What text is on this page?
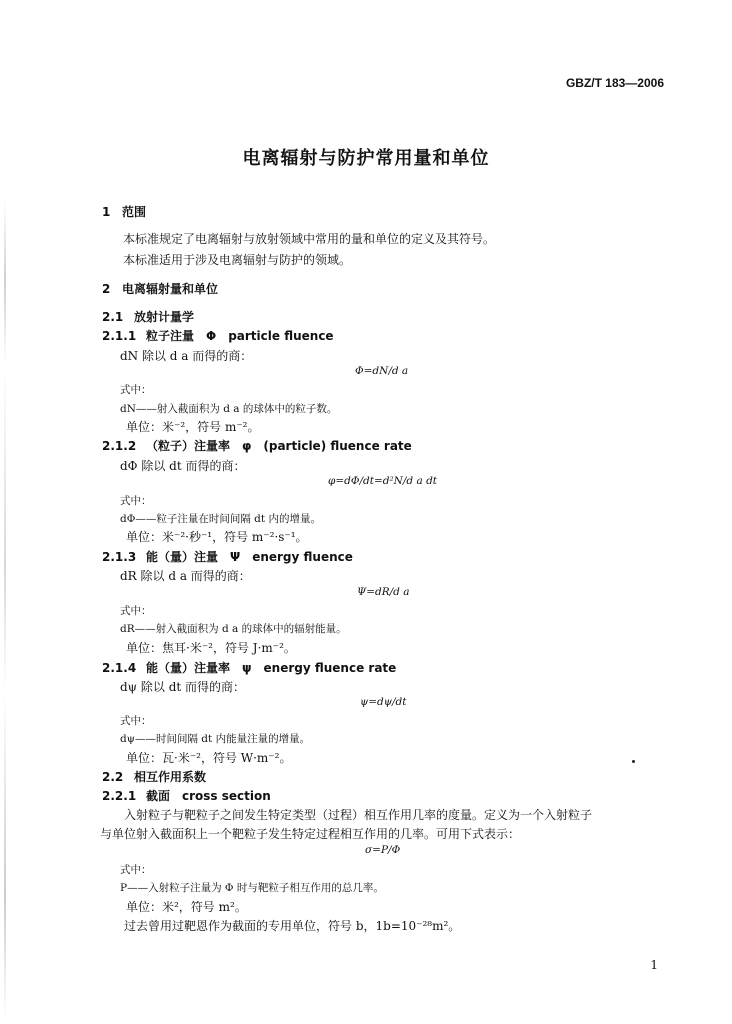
GBZ/T 183—2006
电离辐射与防护常用量和单位
1 范围
本标准规定了电离辐射与放射领域中常用的量和单位的定义及其符号。
本标准适用于涉及电离辐射与防护的领域。
2 电离辐射量和单位
2.1 放射计量学
2.1.1 粒子注量　Φ　particle fluence
dN 除以 d a 而得的商：
Φ=dN/d a
式中：
dN——射入截面积为 d a 的球体中的粒子数。
单位：米⁻²，符号 m⁻²。
2.1.2 （粒子）注量率　φ　(particle) fluence rate
dΦ 除以 dt 而得的商：
φ=dΦ/dt=d²N/d a dt
式中：
dΦ——粒子注量在时间间隔 dt 内的增量。
单位：米⁻²·秒⁻¹，符号 m⁻²·s⁻¹。
2.1.3 能（量）注量　Ψ　energy fluence
dR 除以 d a 而得的商：
Ψ=dR/d a
式中：
dR——射入截面积为 d a 的球体中的辐射能量。
单位：焦耳·米⁻²，符号 J·m⁻²。
2.1.4 能（量）注量率　ψ　energy fluence rate
dψ 除以 dt 而得的商：
ψ=dψ/dt
式中：
dψ——时间间隔 dt 内能量注量的增量。
单位：瓦·米⁻²，符号 W·m⁻²。
2.2 相互作用系数
2.2.1 截面　cross section
入射粒子与靶粒子之间发生特定类型（过程）相互作用几率的度量。定义为一个入射粒子
与单位射入截面积上一个靶粒子发生特定过程相互作用的几率。可用下式表示：
σ=P/Φ
式中：
P——入射粒子注量为 Φ 时与靶粒子相互作用的总几率。
单位：米²，符号 m²。
过去曾用过靶恩作为截面的专用单位，符号 b，1b=10⁻²⁸m²。
1
